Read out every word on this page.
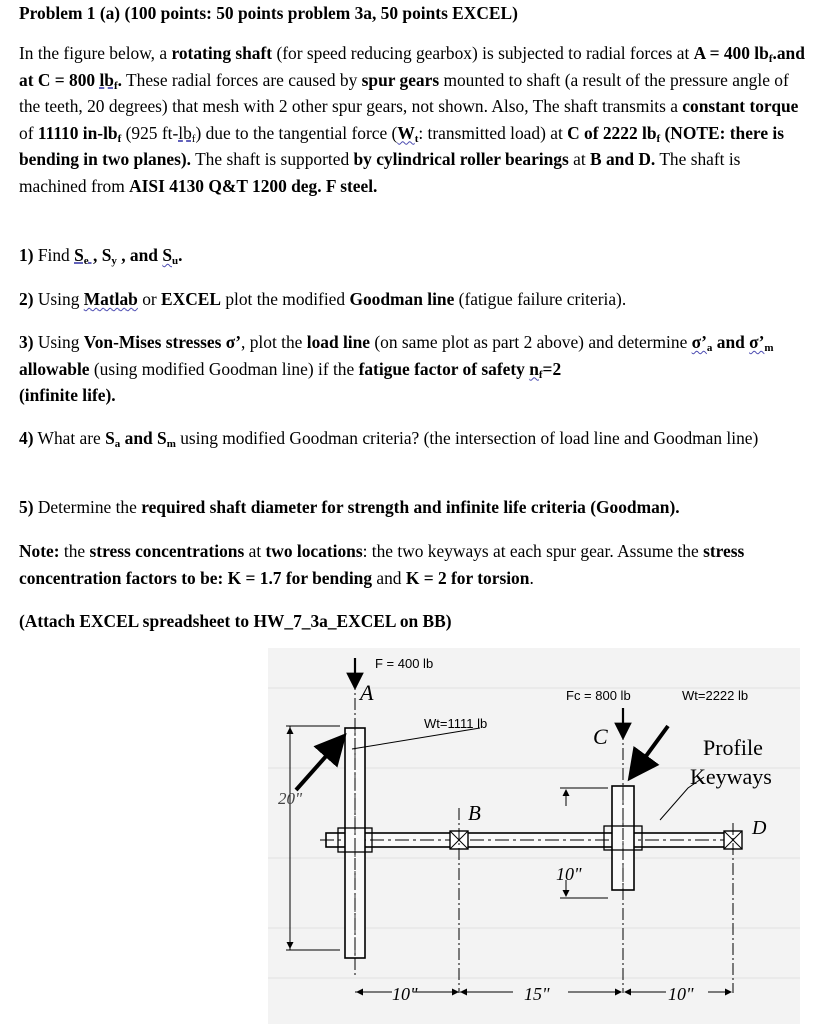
Problem 1 (a) (100 points: 50 points problem 3a, 50 points EXCEL)
In the figure below, a rotating shaft (for speed reducing gearbox) is subjected to radial forces at A = 400 $lb_f.and$ at C = 800 $lb_f$. These radial forces are caused by spur gears mounted to shaft (a result of the pressure angle of the teeth, 20 degrees) that mesh with 2 other spur gears, not shown. Also, The shaft transmits a constant torque of 11110 $in-lb_f$ (925 $ft-lb_f$) due to the tangential force ($W_t$: transmitted load) at C of 2222 $lb_f$ (NOTE: there is bending in two planes). The shaft is supported by cylindrical roller bearings at B and D. The shaft is machined from AISI 4130 Q&T 1200 deg. F steel.
1) Find $S_e$ , $S_y$ , and $S_u$.
2) Using Matlab or EXCEL plot the modified Goodman line (fatigue failure criteria).
3) Using Von-Mises stresses σ’, plot the load line (on same plot as part 2 above) and determine $\sigma’_a$ and $\sigma’_m$ allowable (using modified Goodman line) if the fatigue factor of safety $n_f=2$
(infinite life).
4) What are $S_a$ and $S_m$ using modified Goodman criteria? (the intersection of load line and Goodman line)
5) Determine the required shaft diameter for strength and infinite life criteria (Goodman).
Note: the stress concentrations at two locations: the two keyways at each spur gear. Assume the stress concentration factors to be: K = 1.7 for bending and K = 2 for torsion.
(Attach EXCEL spreadsheet to HW_7_3a_EXCEL on BB)
F = 400 lb
A	Fc = 800 lb	Wt=2222 lb
Wt=1111 lb
C	Profile
Keyways
D
B
20"
10"
10"	15"	10"
